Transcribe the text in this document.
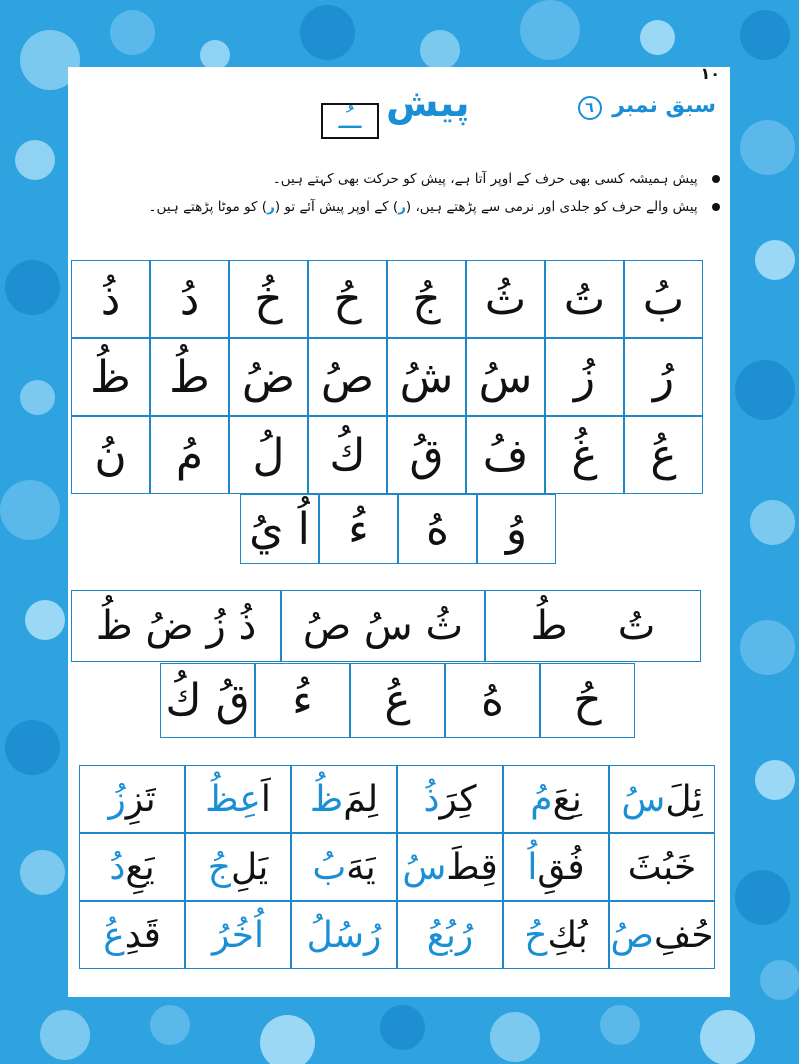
١٠
سبق نمبر ٦
پیش
ــُـ
پیش ہمیشہ کسی بھی حرف کے اوپر آتا ہے، پیش کو حرکت بھی کہتے ہیں۔
پیش والے حرف کو جلدی اور نرمی سے پڑھتے ہیں، (ر) کے اوپر پیش آئے تو (ر) کو موٹا پڑھتے ہیں۔
بُ
تُ
ثُ
جُ
حُ
خُ
دُ
ذُ
رُ
زُ
سُ
شُ
صُ
ضُ
طُ
ظُ
عُ
غُ
فُ
قُ
كُ
لُ
مُ
نُ
وُ
هُ
ءُ
اُ يُ
تُ

طُ
ثُ سُ صُ
ذُ زُ ضُ ظُ
حُ
هُ
عُ
ءُ
قُ كُ
ئِلَ
سُ
نِعَ
مُ
كِرَ
ذُ
لِمَ
ظُ
اَ
عِظُ
تَزِ
زُ
خَبُثَ
فُقِ
اُ
قِطَ
سُ
يَهَ
بُ
يَلِ
جُ
يَعِ
دُ
حُفِ
صُ
بُكِ
حُ
رُبُعُ
رُسُلُ
اُخُرُ
قَدِ
عُ
